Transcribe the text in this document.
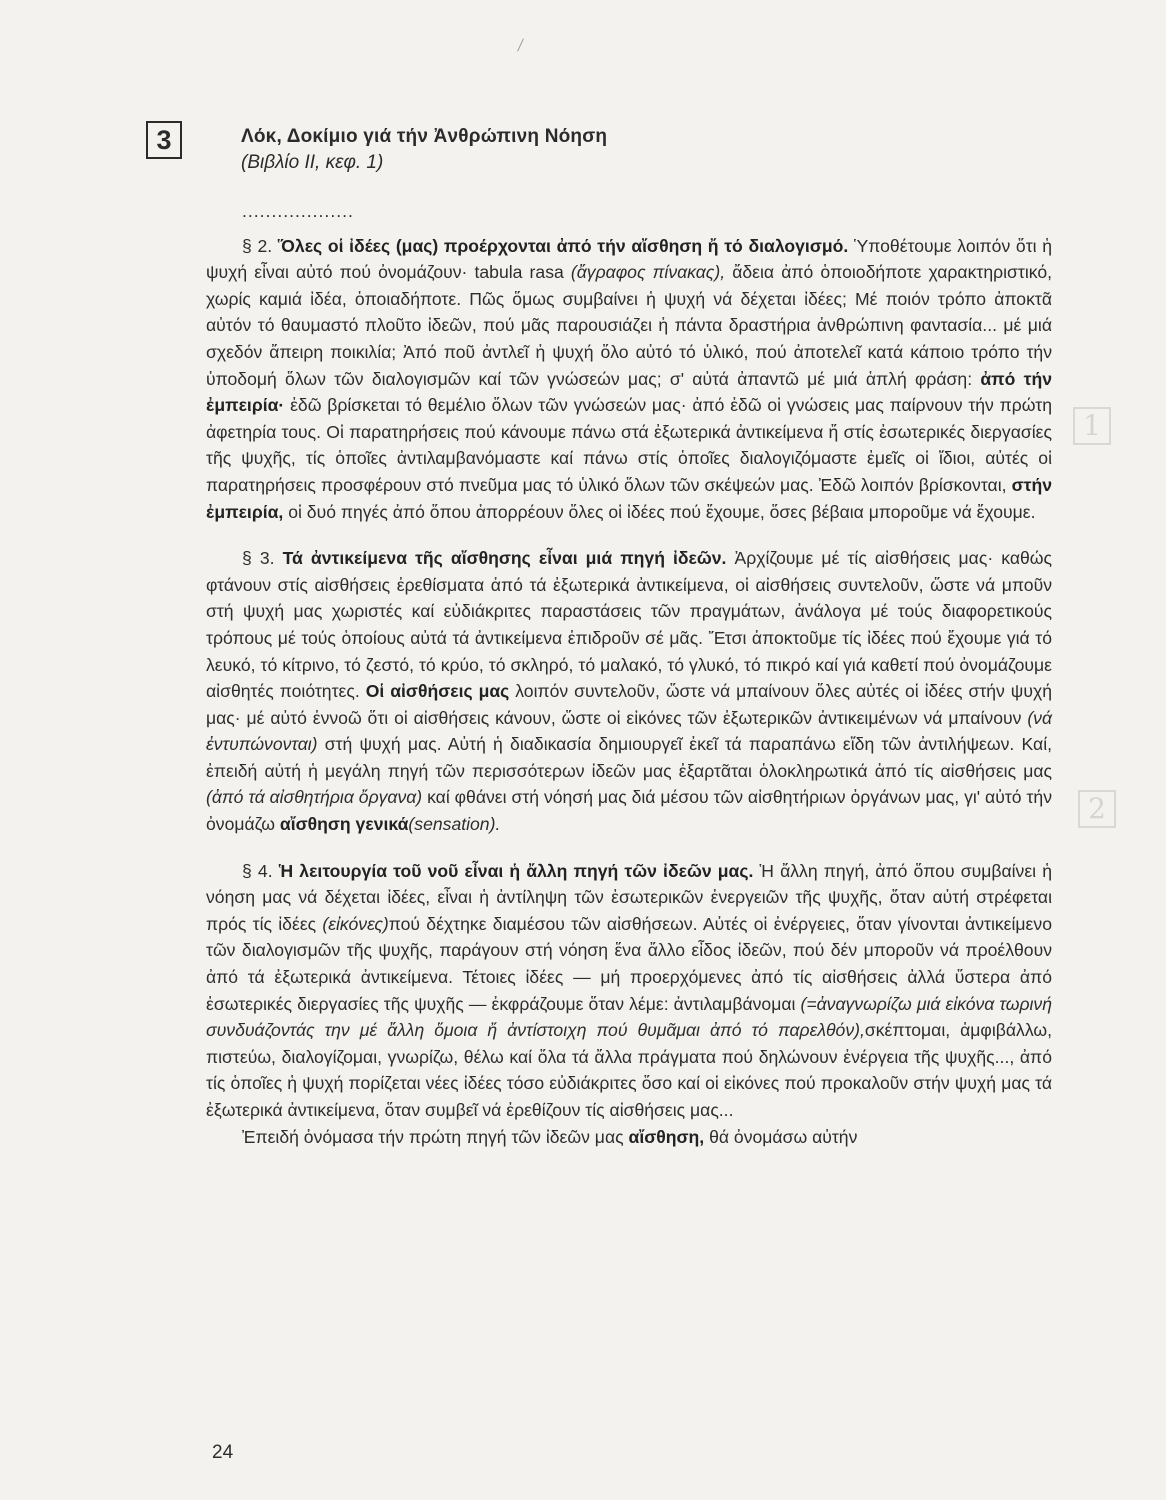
1
2
3	Λόκ, Δοκίμιο γιά τήν Ἀνθρώπινη Νόηση
(Βιβλίο ΙΙ, κεφ. 1)

...................

§ 2. Ὅλες οἱ ἰδέες (μας) προέρχονται ἀπό τήν αἴσθηση ἤ τό διαλογισμό. Ὑποθέτουμε λοιπόν ὅτι ἡ ψυχή εἶναι αὐτό πού ὀνομάζουν· tabula rasa (ἄγραφος πίνακας), ἄδεια ἀπό ὁποιοδήποτε χαρακτηριστικό, χωρίς καμιά ἰδέα, ὁποιαδήποτε. Πῶς ὅμως συμβαίνει ἡ ψυχή νά δέχεται ἰδέες; Μέ ποιόν τρόπο ἀποκτᾶ αὐτόν τό θαυμαστό πλοῦτο ἰδεῶν, πού μᾶς παρουσιάζει ἡ πάντα δραστήρια ἀνθρώπινη φαντασία... μέ μιά σχεδόν ἄπειρη ποικιλία; Ἀπό ποῦ ἀντλεῖ ἡ ψυχή ὅλο αὐτό τό ὑλικό, πού ἀποτελεῖ κατά κάποιο τρόπο τήν ὑποδομή ὅλων τῶν διαλογισμῶν καί τῶν γνώσεών μας; σ' αὐτά ἀπαντῶ μέ μιά ἁπλή φράση: ἀπό τήν ἐμπειρία· ἐδῶ βρίσκεται τό θεμέλιο ὅλων τῶν γνώσεών μας· ἀπό ἐδῶ οἱ γνώσεις μας παίρνουν τήν πρώτη ἀφετηρία τους. Οἱ παρατηρήσεις πού κάνουμε πάνω στά ἐξωτερικά ἀντικείμενα ἤ στίς ἐσωτερικές διεργασίες τῆς ψυχῆς, τίς ὁποῖες ἀντιλαμβανόμαστε καί πάνω στίς ὁποῖες διαλογιζόμαστε ἐμεῖς οἱ ἴδιοι, αὐτές οἱ παρατηρήσεις προσφέρουν στό πνεῦμα μας τό ὑλικό ὅλων τῶν σκέψεών μας. Ἐδῶ λοιπόν βρίσκονται, στήν ἐμπειρία, οἱ δυό πηγές ἀπό ὅπου ἀπορρέουν ὅλες οἱ ἰδέες πού ἔχουμε, ὅσες βέβαια μποροῦμε νά ἔχουμε.

§ 3. Τά ἀντικείμενα τῆς αἴσθησης εἶναι μιά πηγή ἰδεῶν. Ἀρχίζουμε μέ τίς αἰσθήσεις μας· καθώς φτάνουν στίς αἰσθήσεις ἐρεθίσματα ἀπό τά ἐξωτερικά ἀντικείμενα, οἱ αἰσθήσεις συντελοῦν, ὥστε νά μποῦν στή ψυχή μας χωριστές καί εὐδιάκριτες παραστάσεις τῶν πραγμάτων, ἀνάλογα μέ τούς διαφορετικούς τρόπους μέ τούς ὁποίους αὐτά τά ἀντικείμενα ἐπιδροῦν σέ μᾶς. Ἔτσι ἀποκτοῦμε τίς ἰδέες πού ἔχουμε γιά τό λευκό, τό κίτρινο, τό ζεστό, τό κρύο, τό σκληρό, τό μαλακό, τό γλυκό, τό πικρό καί γιά καθετί πού ὀνομάζουμε αἰσθητές ποιότητες. Οἱ αἰσθήσεις μας λοιπόν συντελοῦν, ὥστε νά μπαίνουν ὅλες αὐτές οἱ ἰδέες στήν ψυχή μας· μέ αὐτό ἐννοῶ ὅτι οἱ αἰσθήσεις κάνουν, ὥστε οἱ εἰκόνες τῶν ἐξωτερικῶν ἀντικειμένων νά μπαίνουν (νά ἐντυπώνονται) στή ψυχή μας. Αὐτή ἡ διαδικασία δημιουργεῖ ἐκεῖ τά παραπάνω εἴδη τῶν ἀντιλήψεων. Καί, ἐπειδή αὐτή ἡ μεγάλη πηγή τῶν περισσότερων ἰδεῶν μας ἐξαρτᾶται ὁλοκληρωτικά ἀπό τίς αἰσθήσεις μας (ἀπό τά αἰσθητήρια ὄργανα) καί φθάνει στή νόησή μας διά μέσου τῶν αἰσθητήριων ὀργάνων μας, γι' αὐτό τήν ὀνομάζω αἴσθηση γενικά(sensation).

§ 4. Ἡ λειτουργία τοῦ νοῦ εἶναι ἡ ἄλλη πηγή τῶν ἰδεῶν μας. Ἡ ἄλλη πηγή, ἀπό ὅπου συμβαίνει ἡ νόηση μας νά δέχεται ἰδέες, εἶναι ἡ ἀντίληψη τῶν ἐσωτερικῶν ἐνεργειῶν τῆς ψυχῆς, ὅταν αὐτή στρέφεται πρός τίς ἰδέες (εἰκόνες)πού δέχτηκε διαμέσου τῶν αἰσθήσεων. Αὐτές οἱ ἐνέργειες, ὅταν γίνονται ἀντικείμενο τῶν διαλογισμῶν τῆς ψυχῆς, παράγουν στή νόηση ἕνα ἄλλο εἶδος ἰδεῶν, πού δέν μποροῦν νά προέλθουν ἀπό τά ἐξωτερικά ἀντικείμενα. Τέτοιες ἰδέες — μή προερχόμενες ἀπό τίς αἰσθήσεις ἀλλά ὕστερα ἀπό ἐσωτερικές διεργασίες τῆς ψυχῆς — ἐκφράζουμε ὅταν λέμε: ἀντιλαμβάνομαι (=ἀναγνωρίζω μιά εἰκόνα τωρινή συνδυάζοντάς την μέ ἄλλη ὅμοια ἤ ἀντίστοιχη πού θυμᾶμαι ἀπό τό παρελθόν),σκέπτομαι, ἀμφιβάλλω, πιστεύω, διαλογίζομαι, γνωρίζω, θέλω καί ὅλα τά ἄλλα πράγματα πού δηλώνουν ἐνέργεια τῆς ψυχῆς..., ἀπό τίς ὁποῖες ἡ ψυχή πορίζεται νέες ἰδέες τόσο εὐδιάκριτες ὅσο καί οἱ εἰκόνες πού προκαλοῦν στήν ψυχή μας τά ἐξωτερικά ἀντικείμενα, ὅταν συμβεῖ νά ἐρεθίζουν τίς αἰσθήσεις μας...

Ἐπειδή ὀνόμασα τήν πρώτη πηγή τῶν ἰδεῶν μας αἴσθηση, θά ὀνομάσω αὐτήν

24
